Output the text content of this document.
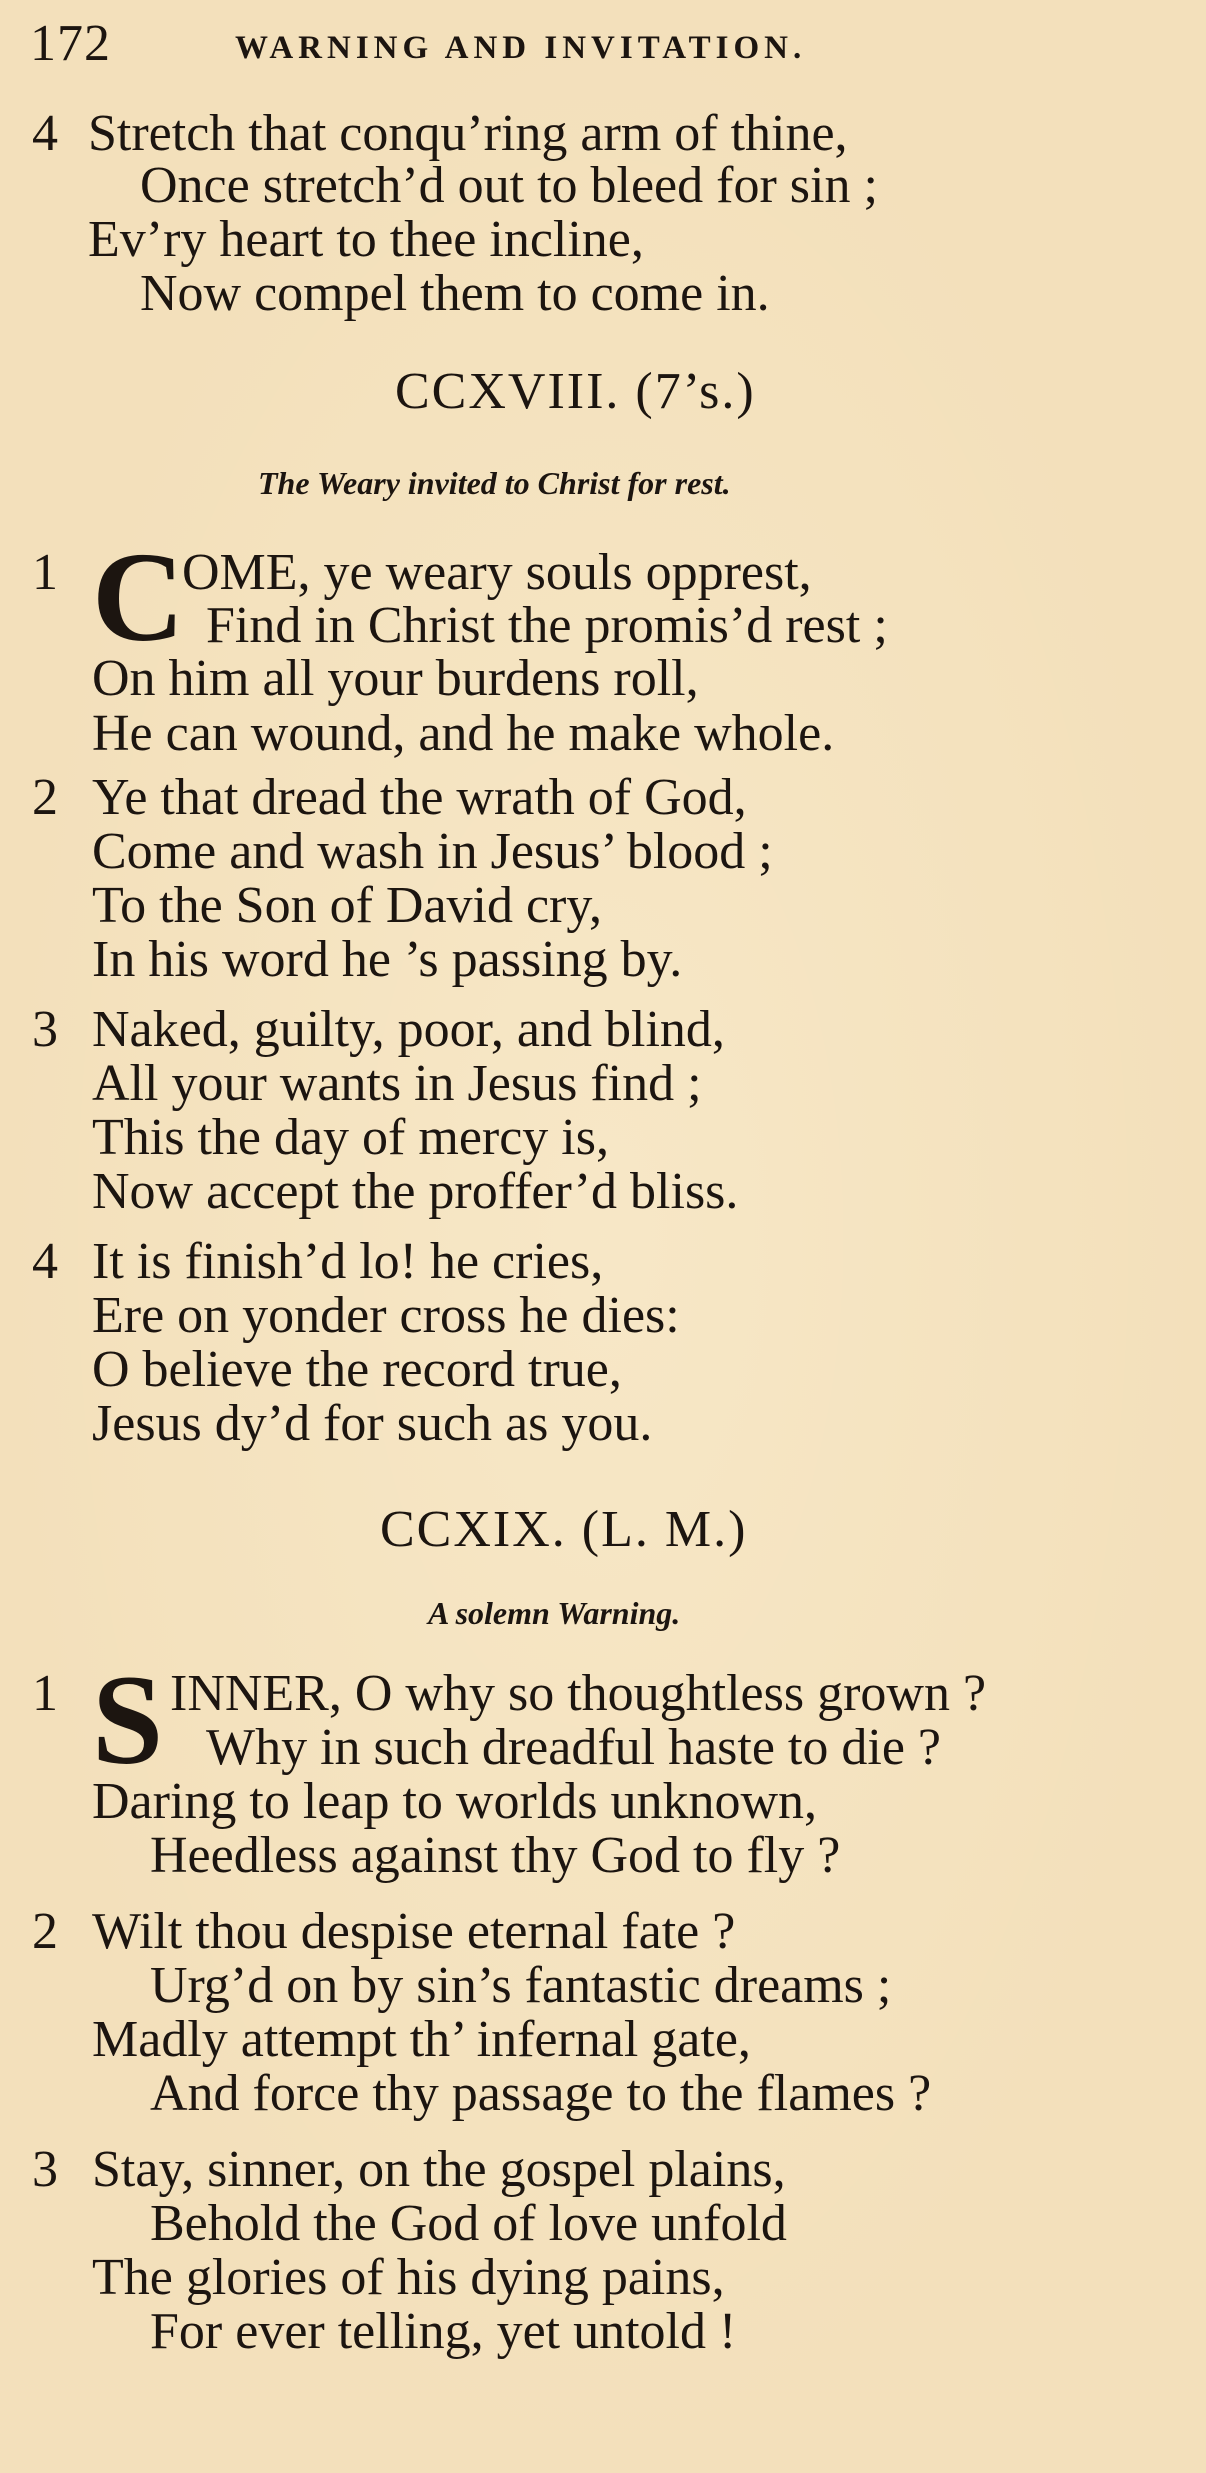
172	WARNING AND INVITATION.
4 Stretch that conqu’ring arm of thine,
Once stretch’d out to bleed for sin ;
Ev’ry heart to thee incline,
Now compel them to come in.
CCXVIII. (7’s.)
The Weary invited to Christ for rest.
1 C
OME, ye weary souls opprest,
Find in Christ the promis’d rest ;
On him all your burdens roll,
He can wound, and he make whole.
2 Ye that dread the wrath of God,
Come and wash in Jesus’ blood ;
To the Son of David cry,
In his word he ’s passing by.
3 Naked, guilty, poor, and blind,
All your wants in Jesus find ;
This the day of mercy is,
Now accept the proffer’d bliss.
4 It is finish’d lo! he cries,
Ere on yonder cross he dies:
O believe the record true,
Jesus dy’d for such as you.
CCXIX. (L. M.)
A solemn Warning.
1 S INNER, O why so thoughtless grown ?
Why in such dreadful haste to die ?
Daring to leap to worlds unknown,
Heedless against thy God to fly ?
2 Wilt thou despise eternal fate ?
Urg’d on by sin’s fantastic dreams ;
Madly attempt th’ infernal gate,
And force thy passage to the flames ?
3 Stay, sinner, on the gospel plains,
Behold the God of love unfold
The glories of his dying pains,
For ever telling, yet untold !
